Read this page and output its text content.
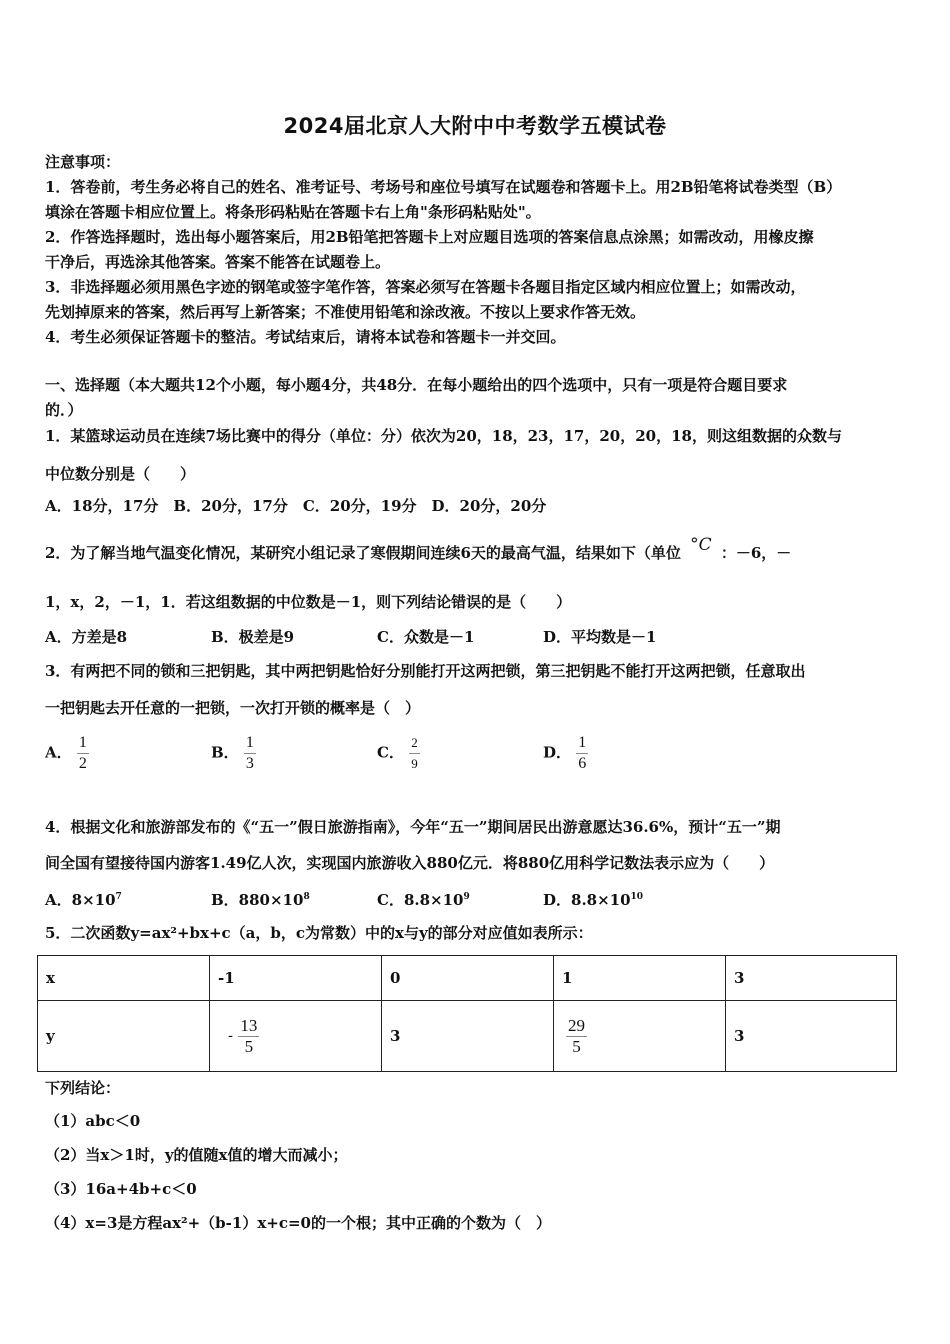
2024届北京人大附中中考数学五模试卷
注意事项：
1．答卷前，考生务必将自己的姓名、准考证号、考场号和座位号填写在试题卷和答题卡上。用2B铅笔将试卷类型（B）
填涂在答题卡相应位置上。将条形码粘贴在答题卡右上角"条形码粘贴处"。
2．作答选择题时，选出每小题答案后，用2B铅笔把答题卡上对应题目选项的答案信息点涂黑；如需改动，用橡皮擦
干净后，再选涂其他答案。答案不能答在试题卷上。
3．非选择题必须用黑色字迹的钢笔或签字笔作答，答案必须写在答题卡各题目指定区域内相应位置上；如需改动，
先划掉原来的答案，然后再写上新答案；不准使用铅笔和涂改液。不按以上要求作答无效。
4．考生必须保证答题卡的整洁。考试结束后，请将本试卷和答题卡一并交回。
一、选择题（本大题共12个小题，每小题4分，共48分．在每小题给出的四个选项中，只有一项是符合题目要求
的．）
1．某篮球运动员在连续7场比赛中的得分（单位：分）依次为20，18，23，17，20，20，18，则这组数据的众数与
中位数分别是（　　）
A．18分，17分　B．20分，17分　C．20分，19分　D．20分，20分
2．为了解当地气温变化情况，某研究小组记录了寒假期间连续6天的最高气温，结果如下（单位 °C ：－6，－
1，x，2，－1，1．若这组数据的中位数是－1，则下列结论错误的是（　　）
A．方差是8	B．极差是9	C．众数是－1	D．平均数是－1
3．有两把不同的锁和三把钥匙，其中两把钥匙恰好分别能打开这两把锁，第三把钥匙不能打开这两把锁，任意取出
一把钥匙去开任意的一把锁，一次打开锁的概率是（　）
A． $\frac{1}{2}$	B． $\frac{1}{3}$	C． $\frac{2}{9}$	D． $\frac{1}{6}$
4．根据文化和旅游部发布的《“五一”假日旅游指南》，今年“五一”期间居民出游意愿达36.6%，预计“五一”期
间全国有望接待国内游客1.49亿人次，实现国内旅游收入880亿元．将880亿用科学记数法表示应为（　　）
A．$8\times 10^7$	B．$880\times 10^8$	C．$8.8\times 10^9$	D．$8.8\times 10^{10}$
5．二次函数y=ax²+bx+c（a，b，c为常数）中的x与y的部分对应值如表所示：
x	-1	0	1	3
y	- $\frac{13}{5}$	3	$\frac{29}{5}$	3
下列结论：
（1）abc＜0
（2）当x＞1时，y的值随x值的增大而减小；
（3）16a+4b+c＜0
（4）x=3是方程ax²+（b-1）x+c=0的一个根；其中正确的个数为（　）
